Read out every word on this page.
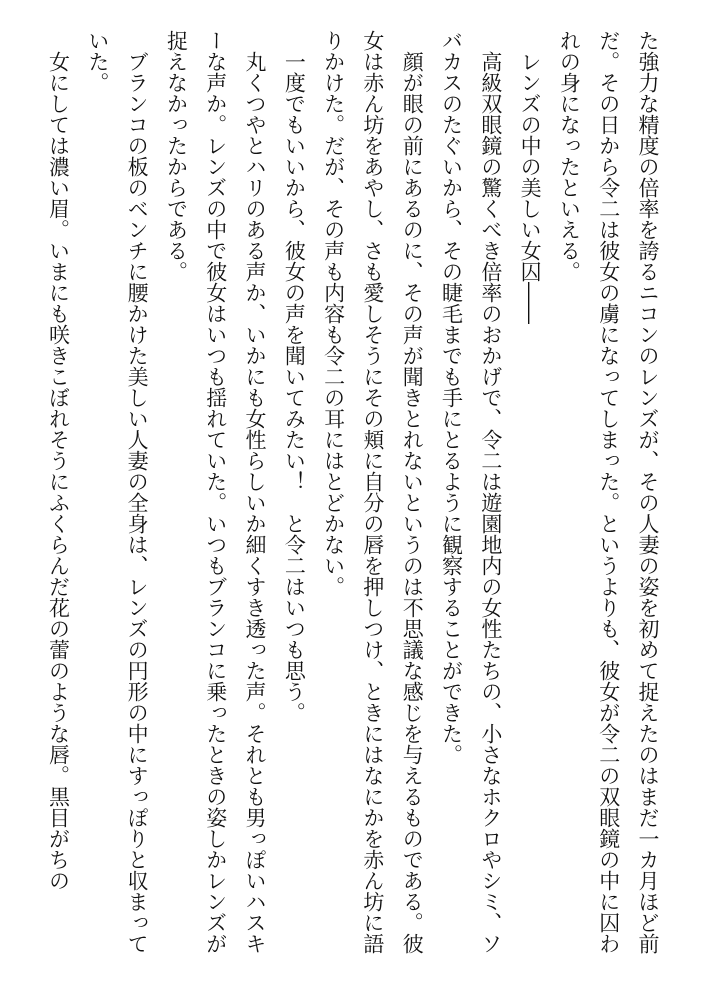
た強力な精度の倍率を誇るニコンのレンズが、その人妻の姿を初めて捉えたのはまだ一カ月ほど前だ。その日から令二は彼女の虜になってしまった。というよりも、彼女が令二の双眼鏡の中に囚われの身になったといえる。

　レンズの中の美しい女囚――

　高級双眼鏡の驚くべき倍率のおかげで、令二は遊園地内の女性たちの、小さなホクロやシミ、ソバカスのたぐいから、その睫毛までも手にとるように観察することができた。

　顔が眼の前にあるのに、その声が聞きとれないというのは不思議な感じを与えるものである。彼女は赤ん坊をあやし、さも愛しそうにその頬に自分の唇を押しつけ、ときにはなにかを赤ん坊に語りかけた。だが、その声も内容も令二の耳にはとどかない。

　一度でもいいから、彼女の声を聞いてみたい！　と令二はいつも思う。

　丸くつやとハリのある声か、いかにも女性らしいか細くすき透った声。それとも男っぽいハスキーな声か。レンズの中で彼女はいつも揺れていた。いつもブランコに乗ったときの姿しかレンズが捉えなかったからである。

　ブランコの板のベンチに腰かけた美しい人妻の全身は、レンズの円形の中にすっぽりと収まっていた。

　女にしては濃い眉。いまにも咲きこぼれそうにふくらんだ花の蕾のような唇。黒目がちの
